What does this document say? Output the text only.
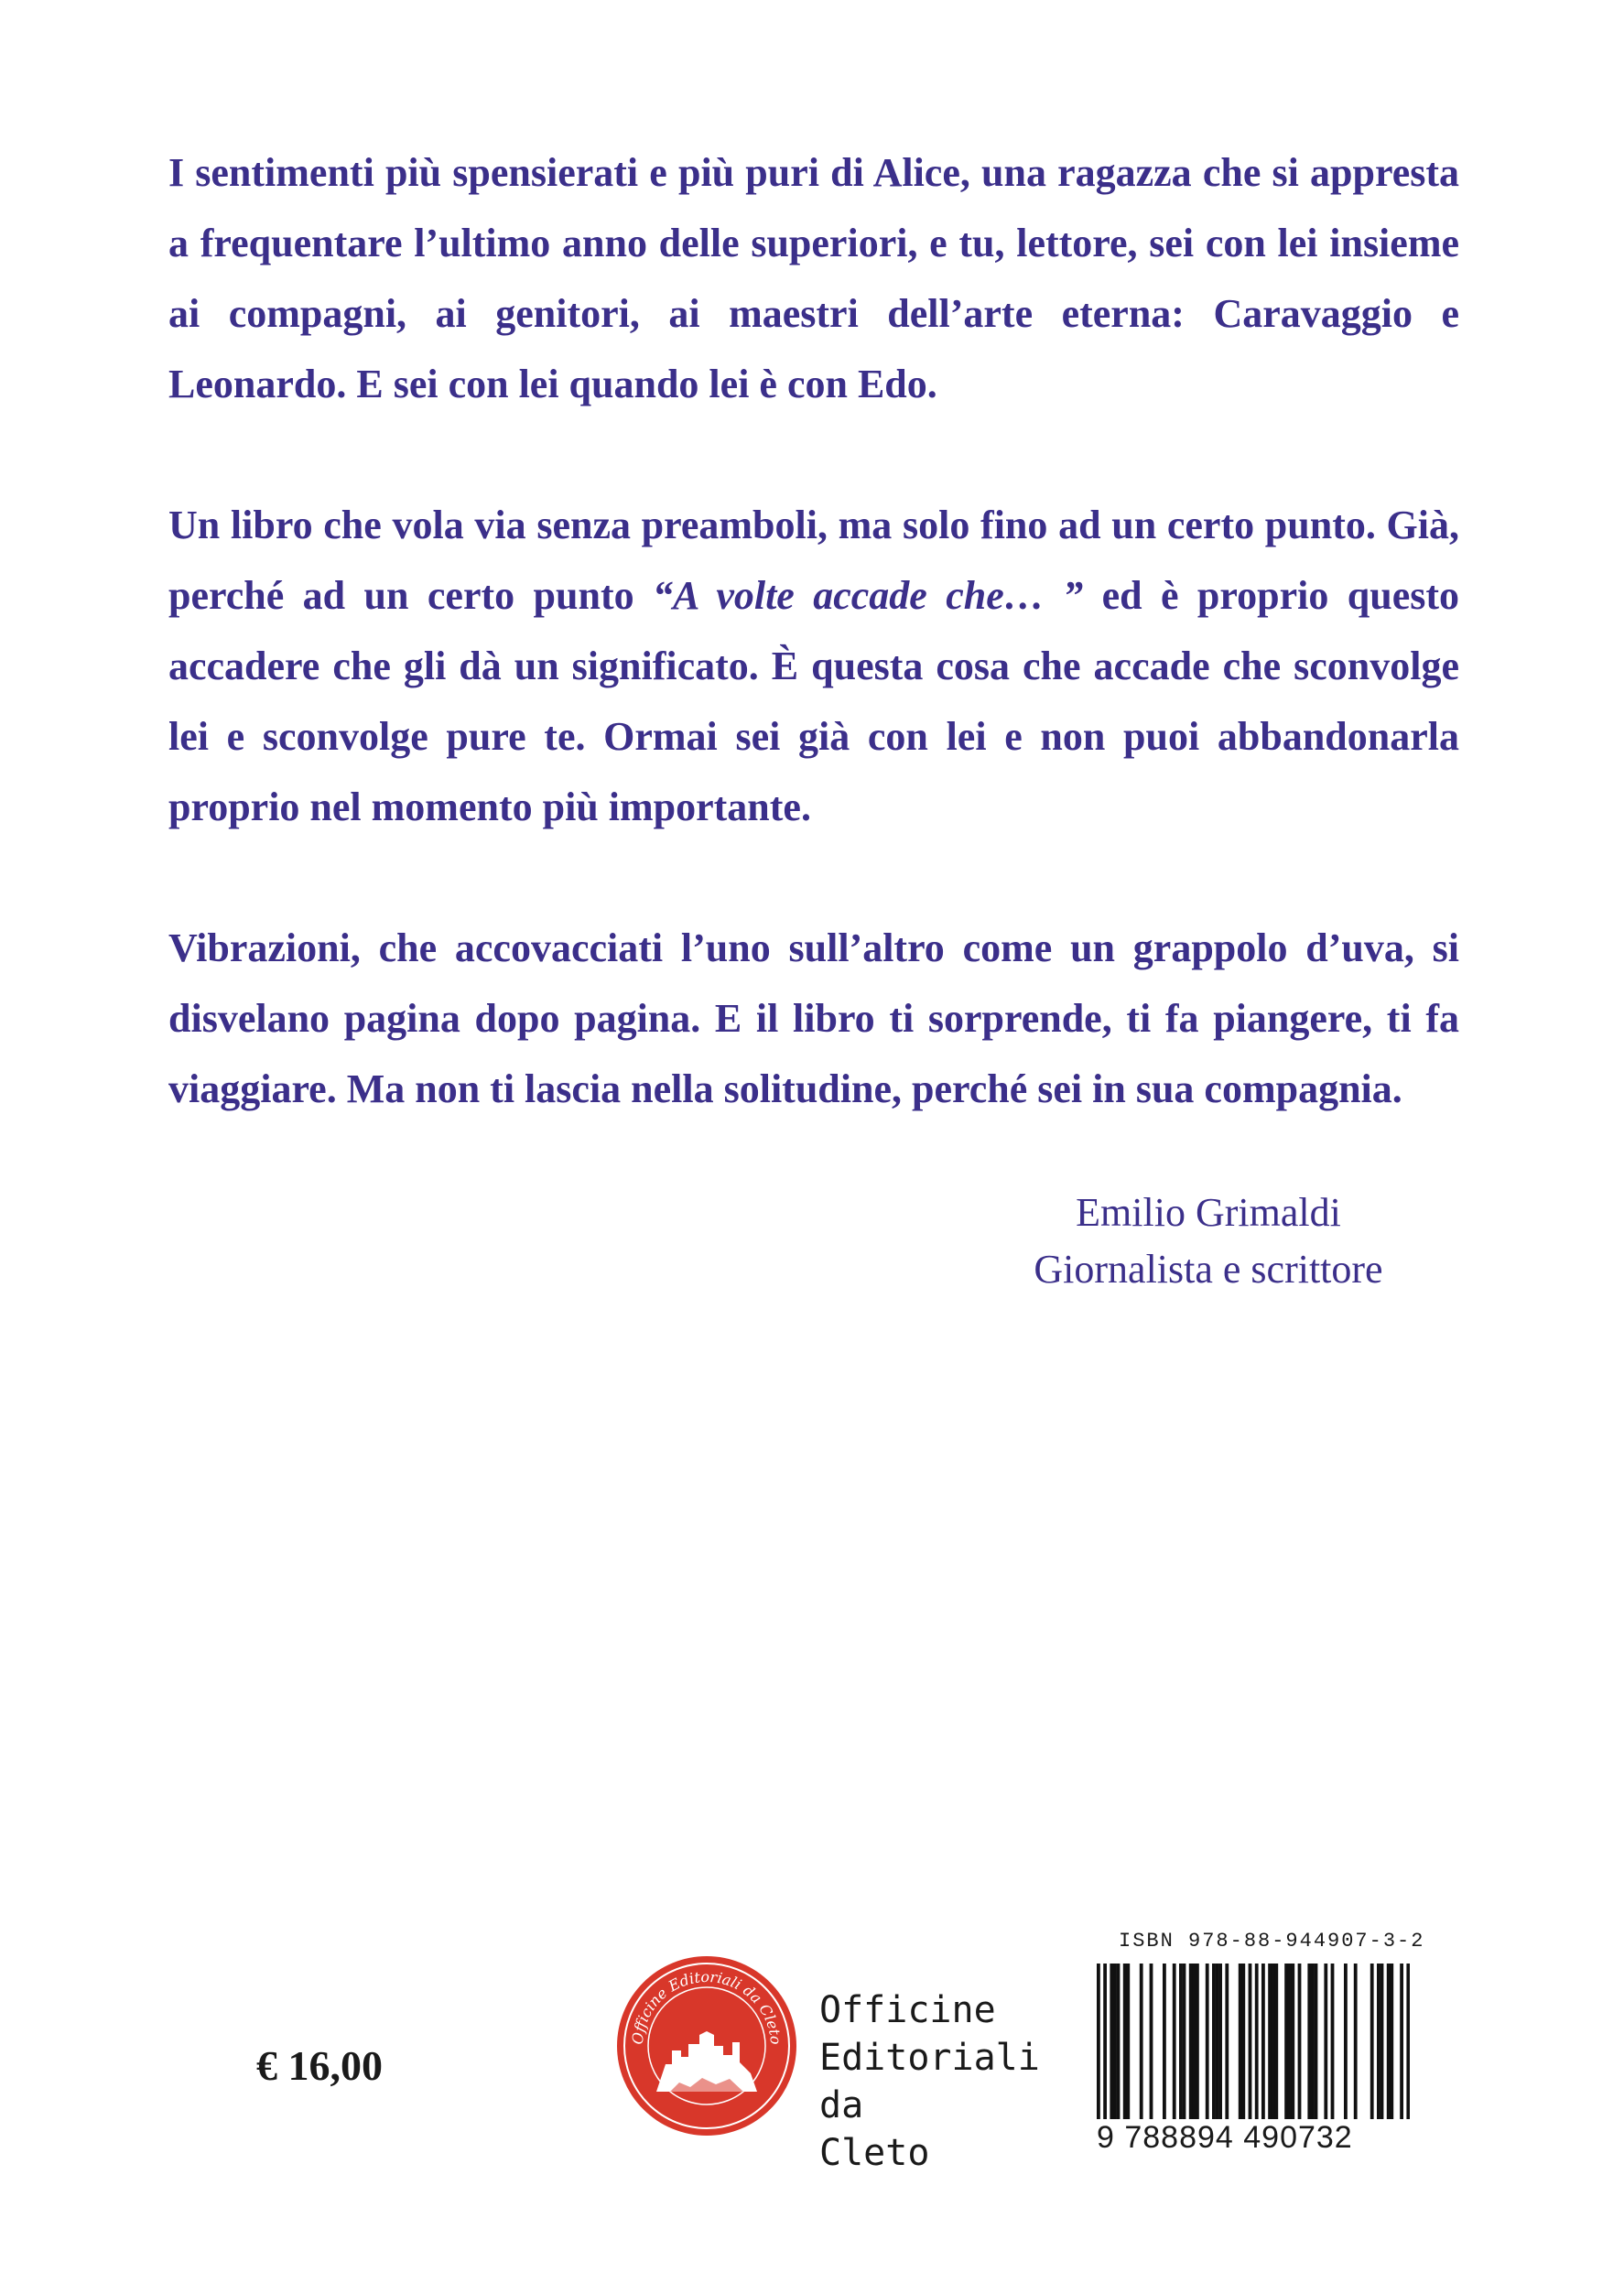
I sentimenti più spensierati e più puri di Alice, una ragazza che si appresta a frequentare l’ultimo anno delle superiori, e tu, lettore, sei con lei insieme ai compagni, ai genitori, ai maestri dell’arte eterna: Caravaggio e Leonardo. E sei con lei quando lei è con Edo.

Un libro che vola via senza preamboli, ma solo fino ad un certo punto. Già, perché ad un certo punto “A volte accade che… ” ed è proprio questo accadere che gli dà un significato. È questa cosa che accade che sconvolge lei e sconvolge pure te. Ormai sei già con lei e non puoi abbandonarla proprio nel momento più importante.

Vibrazioni, che accovacciati l’uno sull’altro come un grappolo d’uva, si disvelano pagina dopo pagina. E il libro ti sorprende, ti fa piangere, ti fa viaggiare. Ma non ti lascia nella solitudine, perché sei in sua compagnia.

Emilio Grimaldi
Giornalista e scrittore
€ 16,00
Officine Editoriali da Cleto
Officine
Editoriali
da
Cleto
ISBN 978-88-944907-3-2
9 788894 490732
